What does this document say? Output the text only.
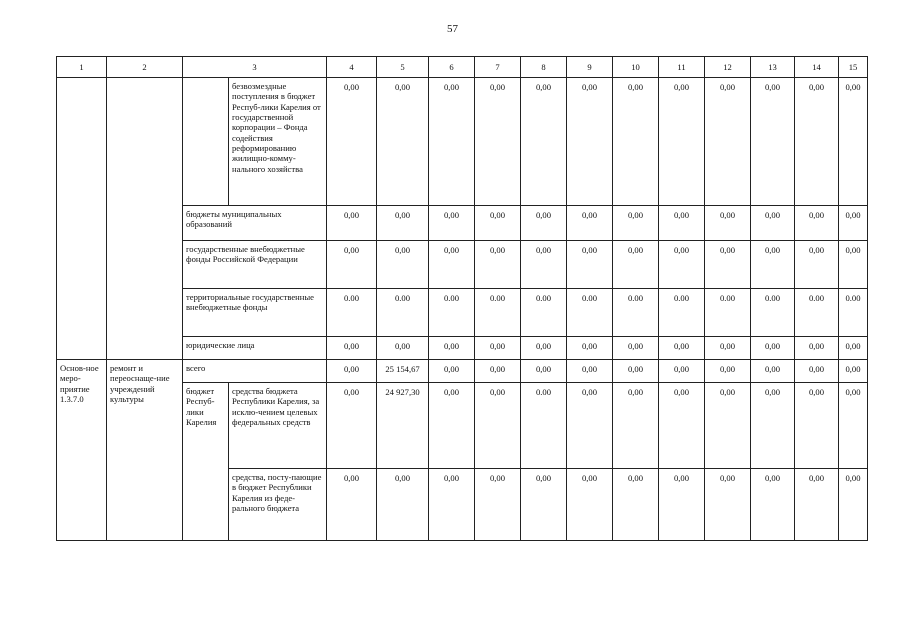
57
1	2	3		4	5	6	7	8	9	10	11	12	13	14	15
			безвозмездные поступления в бюджет Респуб-лики Карелия от государственной корпорации – Фонда содействия реформированию жилищно-комму-нального хозяйства	0,00	0,00	0,00	0,00	0,00	0,00	0,00	0,00	0,00	0,00	0,00	0,00
		бюджеты муниципальных образований		0,00	0,00	0,00	0,00	0,00	0,00	0,00	0,00	0,00	0,00	0,00	0,00
		государственные внебюджетные фонды Российской Федерации		0,00	0,00	0,00	0,00	0,00	0,00	0,00	0,00	0,00	0,00	0,00	0,00
		территориальные государственные внебюджетные фонды		0.00	0.00	0.00	0.00	0.00	0.00	0.00	0.00	0.00	0.00	0.00	0.00
		юридические лица		0,00	0,00	0,00	0,00	0,00	0,00	0,00	0,00	0,00	0,00	0,00	0,00
Основ-ное меро-приятие 1.3.7.0	ремонт и переоснаще-ние учреждений культуры	всего		0,00	25 154,67	0,00	0,00	0,00	0,00	0,00	0,00	0,00	0,00	0,00	0,00
		бюджет Респуб-лики Карелия	средства бюджета Республики Карелия, за исклю-чением целевых федеральных средств	0,00	24 927,30	0,00	0,00	0.00	0,00	0,00	0,00	0,00	0,00	0,00	0,00
			средства, посту-пающие в бюджет Республики Карелия из феде-рального бюджета	0,00	0,00	0,00	0,00	0,00	0,00	0,00	0,00	0,00	0,00	0,00	0,00
